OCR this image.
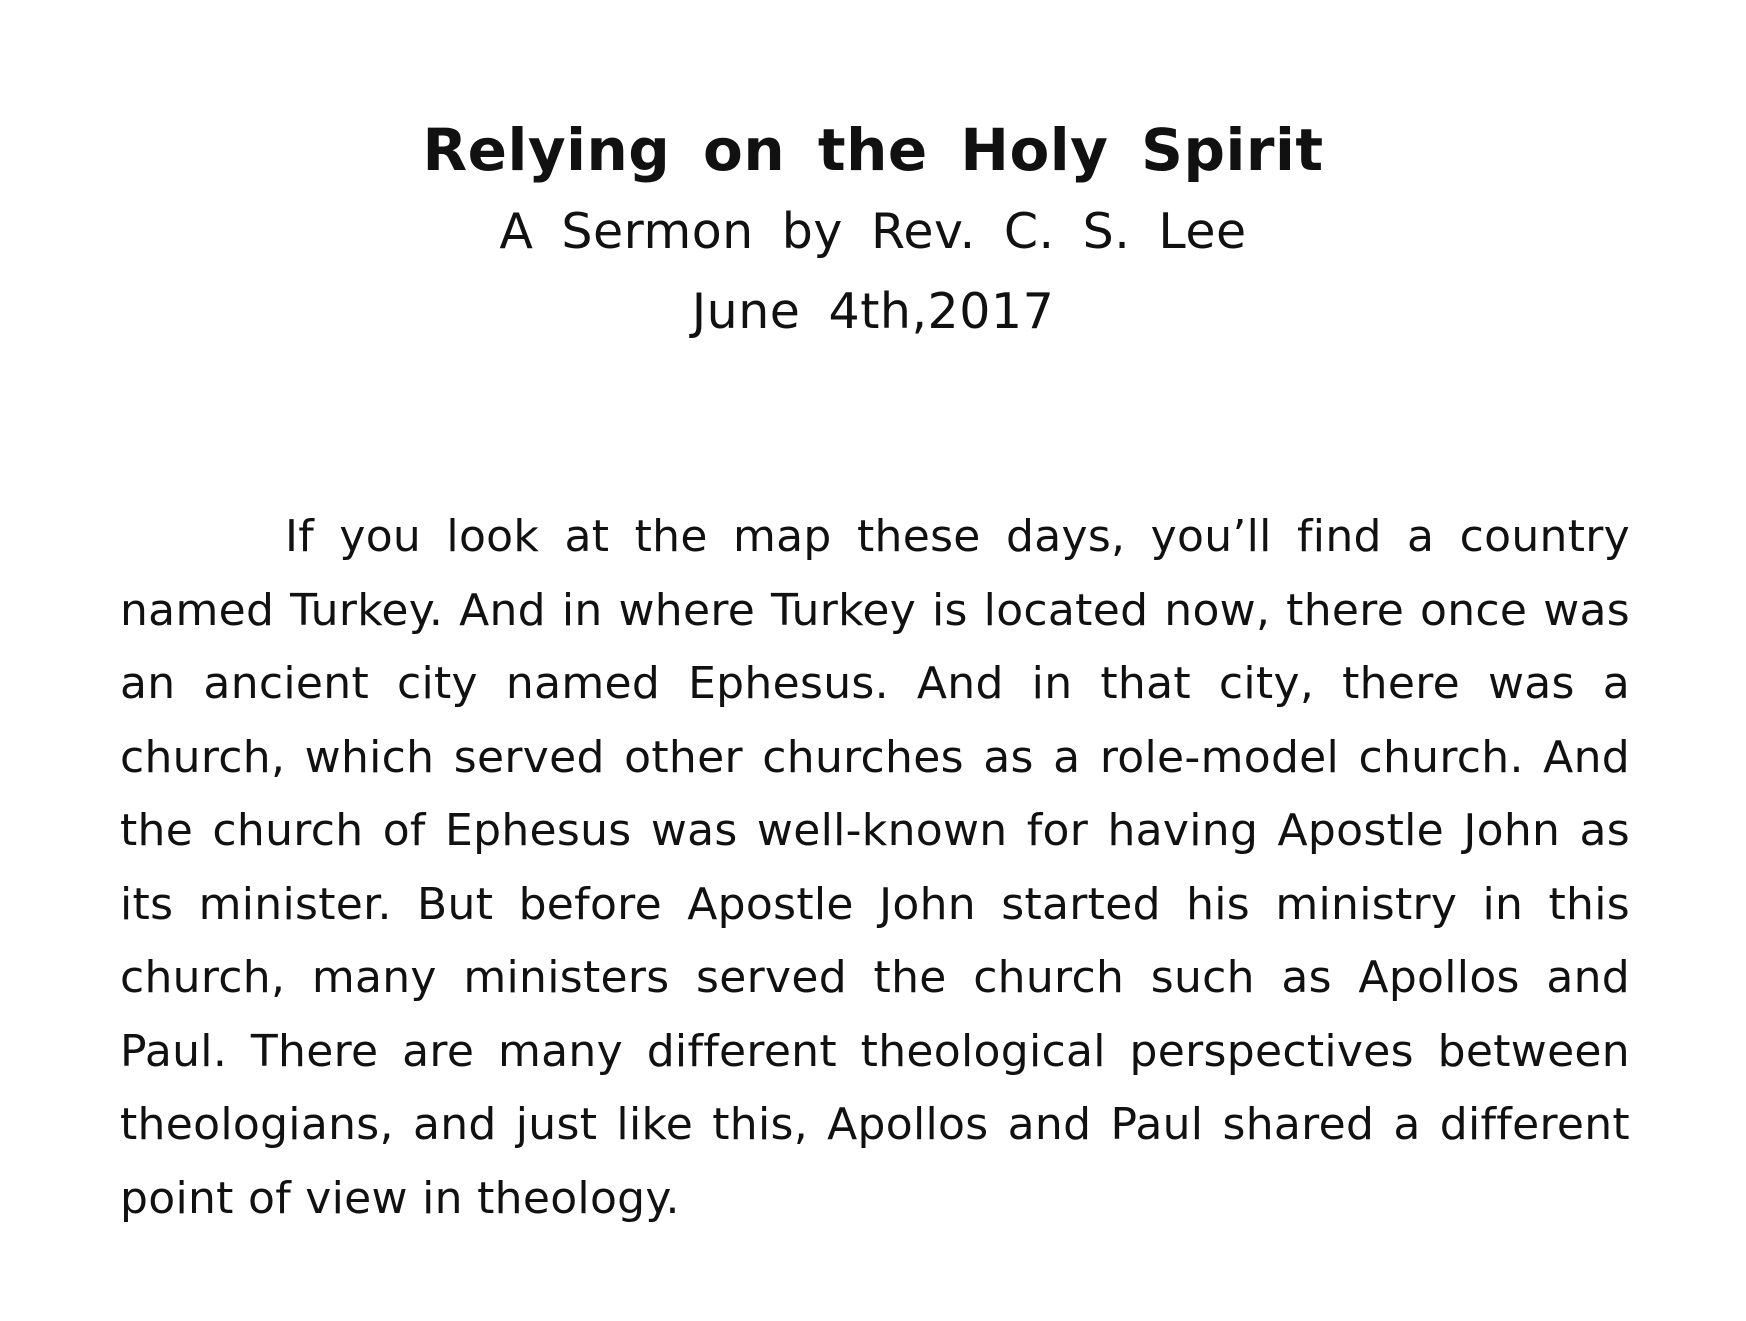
Relying on the Holy Spirit
A Sermon by Rev. C. S. Lee
June 4th,2017

If you look at the map these days, you’ll find a country named Turkey. And in where Turkey is located now, there once was an ancient city named Ephesus. And in that city, there was a church, which served other churches as a role-model church. And the church of Ephesus was well-known for having Apostle John as its minister. But before Apostle John started his ministry in this church, many ministers served the church such as Apollos and Paul. There are many different theological perspectives between theologians, and just like this, Apollos and Paul shared a different point of view in theology.
